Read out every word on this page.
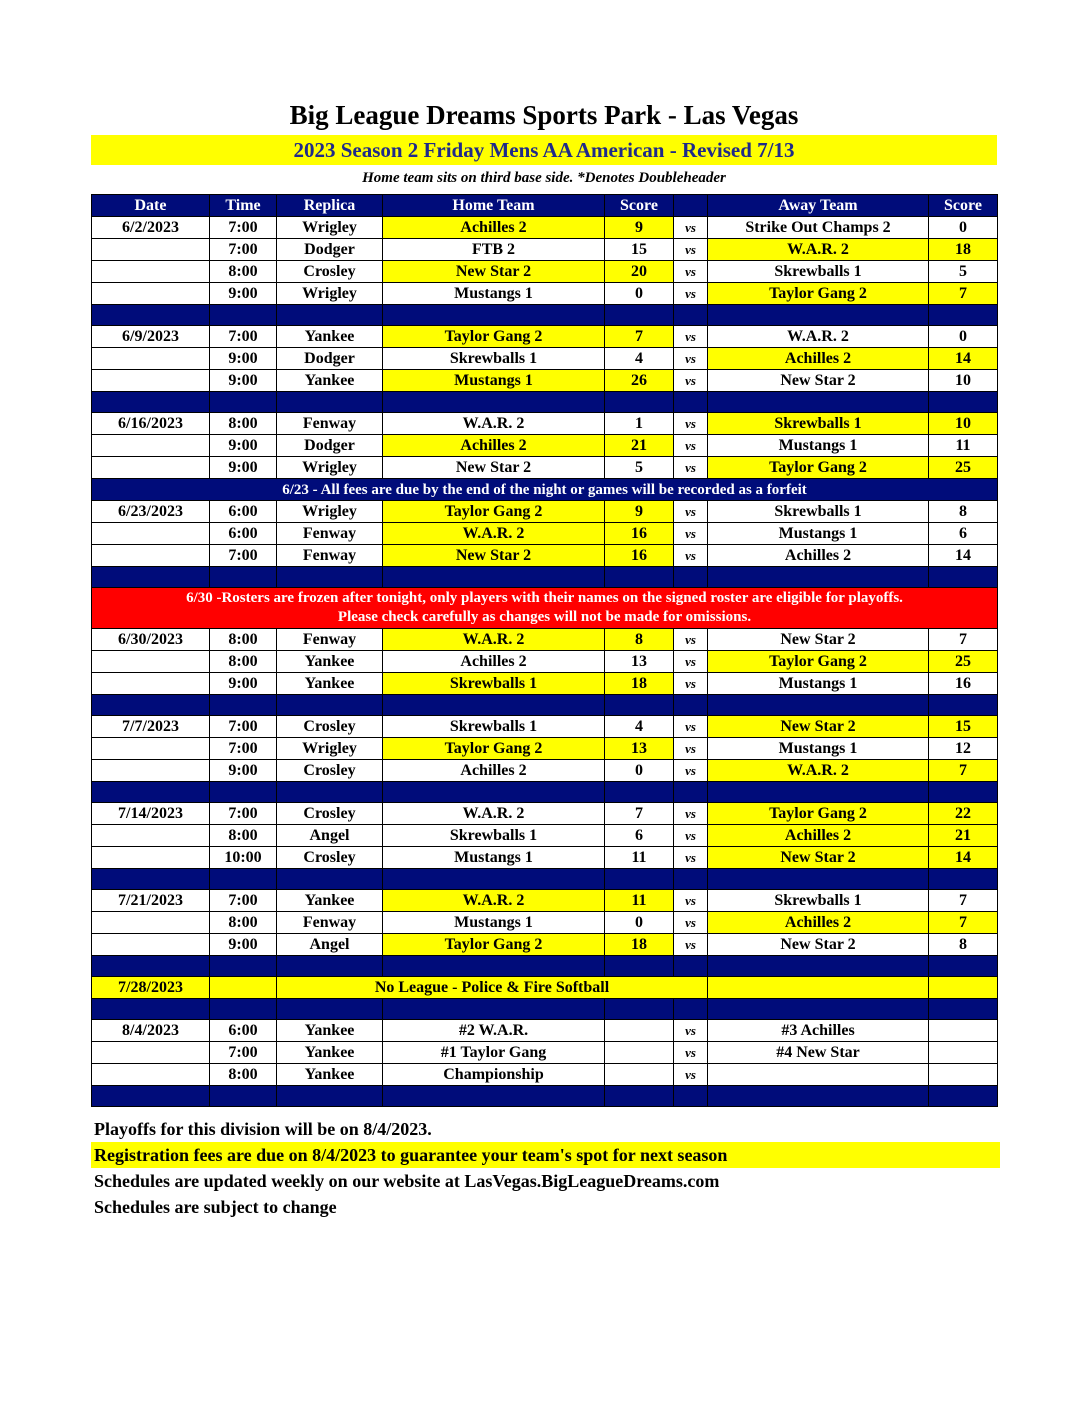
Big League Dreams Sports Park - Las Vegas
2023 Season 2 Friday Mens AA American - Revised 7/13
Home team sits on third base side. *Denotes Doubleheader
Date	Time	Replica	Home Team	Score		Away Team	Score
6/2/2023	7:00	Wrigley	Achilles 2	9	vs	Strike Out Champs 2	0
	7:00	Dodger	FTB 2	15	vs	W.A.R. 2	18
	8:00	Crosley	New Star 2	20	vs	Skrewballs 1	5
	9:00	Wrigley	Mustangs 1	0	vs	Taylor Gang 2	7

6/9/2023	7:00	Yankee	Taylor Gang 2	7	vs	W.A.R. 2	0
	9:00	Dodger	Skrewballs 1	4	vs	Achilles 2	14
	9:00	Yankee	Mustangs 1	26	vs	New Star 2	10

6/16/2023	8:00	Fenway	W.A.R. 2	1	vs	Skrewballs 1	10
	9:00	Dodger	Achilles 2	21	vs	Mustangs 1	11
	9:00	Wrigley	New Star 2	5	vs	Taylor Gang 2	25
6/23 - All fees are due by the end of the night or games will be recorded as a forfeit							
6/23/2023	6:00	Wrigley	Taylor Gang 2	9	vs	Skrewballs 1	8
	6:00	Fenway	W.A.R. 2	16	vs	Mustangs 1	6
	7:00	Fenway	New Star 2	16	vs	Achilles 2	14

6/30 -Rosters are frozen after tonight, only players with their names on the signed roster are eligible for playoffs.
Please check carefully as changes will not be made for omissions.							

6/30/2023	8:00	Fenway	W.A.R. 2	8	vs	New Star 2	7
	8:00	Yankee	Achilles 2	13	vs	Taylor Gang 2	25
	9:00	Yankee	Skrewballs 1	18	vs	Mustangs 1	16

7/7/2023	7:00	Crosley	Skrewballs 1	4	vs	New Star 2	15
	7:00	Wrigley	Taylor Gang 2	13	vs	Mustangs 1	12
	9:00	Crosley	Achilles 2	0	vs	W.A.R. 2	7

7/14/2023	7:00	Crosley	W.A.R. 2	7	vs	Taylor Gang 2	22
	8:00	Angel	Skrewballs 1	6	vs	Achilles 2	21
	10:00	Crosley	Mustangs 1	11	vs	New Star 2	14

7/21/2023	7:00	Yankee	W.A.R. 2	11	vs	Skrewballs 1	7
	8:00	Fenway	Mustangs 1	0	vs	Achilles 2	7
	9:00	Angel	Taylor Gang 2	18	vs	New Star 2	8

7/28/2023		No League - Police & Fire Softball					

8/4/2023	6:00	Yankee	#2 W.A.R.		vs	#3 Achilles	
	7:00	Yankee	#1 Taylor Gang		vs	#4 New Star	
	8:00	Yankee	Championship		vs		

Playoffs for this division will be on 8/4/2023.
Registration fees are due on 8/4/2023 to guarantee your team's spot for next season
Schedules are updated weekly on our website at LasVegas.BigLeagueDreams.com
Schedules are subject to change
